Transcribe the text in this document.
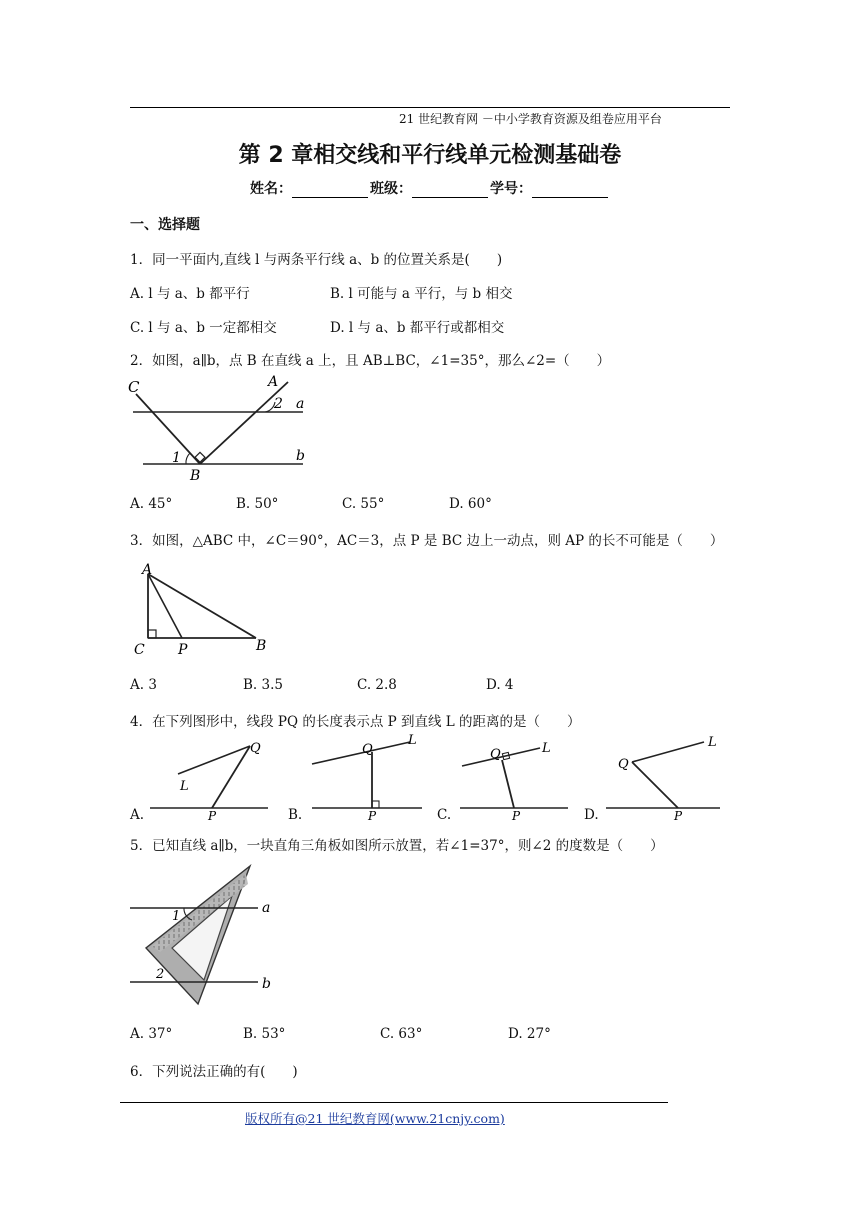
21 世纪教育网 －中小学教育资源及组卷应用平台
第 2 章相交线和平行线单元检测基础卷
姓名：	班级：	学号：
一、选择题
1．同一平面内,直线 l 与两条平行线 a、b 的位置关系是(　　)
A. l 与 a、b 都平行	B. l 可能与 a 平行，与 b 相交
C. l 与 a、b 一定都相交	D. l 与 a、b 都平行或都相交
2．如图，a∥b，点 B 在直线 a 上，且 AB⊥BC，∠1=35°，那么∠2=（　　）
C	A
2 a
1
B
b
A. 45°	B. 50°	C. 55°	D. 60°
3．如图，△ABC 中，∠C＝90°，AC＝3，点 P 是 BC 边上一动点，则 AP 的长不可能是（　　）
A
C P	B
A. 3	B. 3.5	C. 2.8	D. 4
4．在下列图形中，线段 PQ 的长度表示点 P 到直线 L 的距离的是（　　）
A.
Q
L
P	B.
Q
L
P	C.
Q	L
P	D.
Q
L
P
5．已知直线 a∥b，一块直角三角板如图所示放置，若∠1=37°，则∠2 的度数是（　　）
1
a
2
b
A. 37°	B. 53°	C. 63°	D. 27°
6．下列说法正确的有(　　)
版权所有@21 世纪教育网(www.21cnjy.com)
